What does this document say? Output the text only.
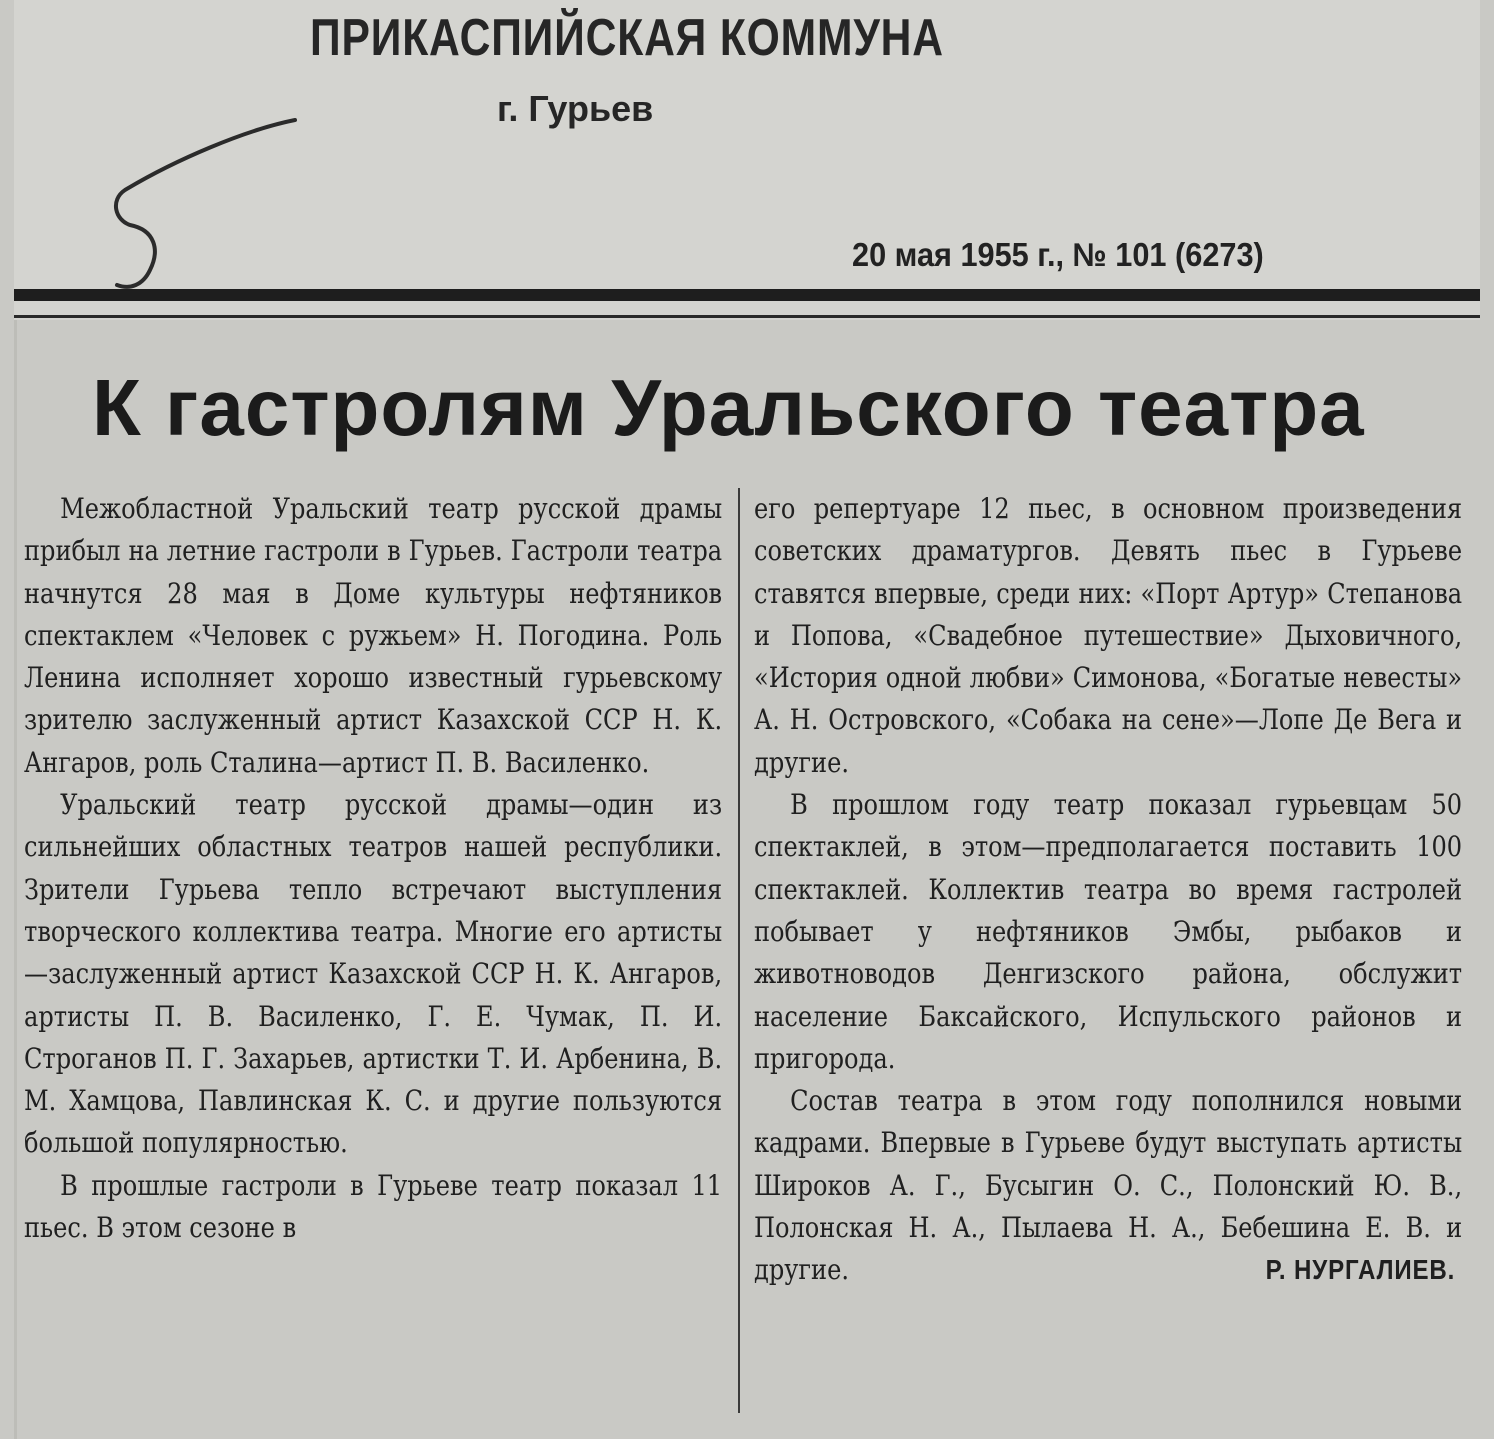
ПРИКАСПИЙСКАЯ КОММУНА
г. Гурьев
20 мая 1955 г., № 101 (6273)
К гастролям Уральского театра

Межобластной Уральский театр русской драмы прибыл на летние гастроли в Гурьев. Гастроли театра начнутся 28 мая в Доме культуры нефтяников спектаклем «Человек с ружьем» Н. Погодина. Роль Ленина исполняет хорошо известный гурьевскому зрителю заслуженный артист Казахской ССР Н. К. Ангаров, роль Сталина—артист П. В. Василенко.

Уральский театр русской драмы—один из сильнейших областных театров нашей республики. Зрители Гурьева тепло встречают выступления творческого коллектива театра. Многие его артисты—заслуженный артист Казахской ССР Н. К. Ангаров, артисты П. В. Василенко, Г. Е. Чумак, П. И. Строганов П. Г. Захарьев, артистки Т. И. Арбенина, В. М. Хамцова, Павлинская К. С. и другие пользуются большой популярностью.

В прошлые гастроли в Гурьеве театр показал 11 пьес. В этом сезоне в

его репертуаре 12 пьес, в основном произведения советских драматургов. Девять пьес в Гурьеве ставятся впервые, среди них: «Порт Артур» Степанова и Попова, «Свадебное путешествие» Дыховичного, «История одной любви» Симонова, «Богатые невесты» А. Н. Островского, «Собака на сене»—Лопе Де Вега и другие.

В прошлом году театр показал гурьевцам 50 спектаклей, в этом—предполагается поставить 100 спектаклей. Коллектив театра во время гастролей побывает у нефтяников Эмбы, рыбаков и животноводов Денгизского района, обслужит население Баксайского, Испульского районов и пригорода.

Состав театра в этом году пополнился новыми кадрами. Впервые в Гурьеве будут выступать артисты Широков А. Г., Бусыгин О. С., Полонский Ю. В., Полонская Н. А., Пылаева Н. А., Бебешина Е. В. и другие.	Р. НУРГАЛИЕВ.
